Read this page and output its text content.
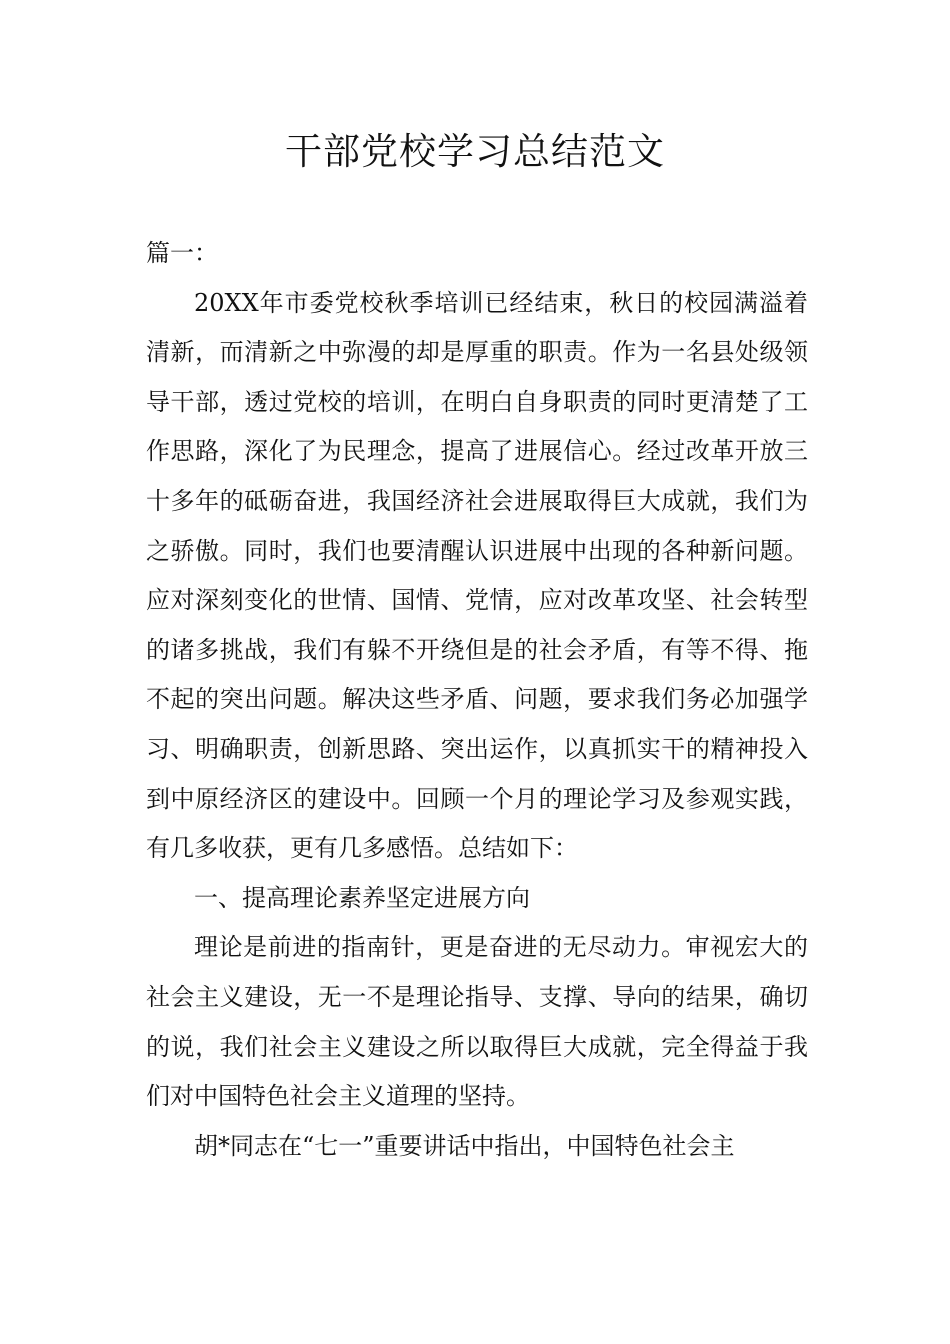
干部党校学习总结范文

篇一：

20XX年市委党校秋季培训已经结束，秋日的校园满溢着清新，而清新之中弥漫的却是厚重的职责。作为一名县处级领导干部，透过党校的培训，在明白自身职责的同时更清楚了工作思路，深化了为民理念，提高了进展信心。经过改革开放三十多年的砥砺奋进，我国经济社会进展取得巨大成就，我们为之骄傲。同时，我们也要清醒认识进展中出现的各种新问题。应对深刻变化的世情、国情、党情，应对改革攻坚、社会转型的诸多挑战，我们有躲不开绕但是的社会矛盾，有等不得、拖不起的突出问题。解决这些矛盾、问题，要求我们务必加强学习、明确职责，创新思路、突出运作，以真抓实干的精神投入到中原经济区的建设中。回顾一个月的理论学习及参观实践，有几多收获，更有几多感悟。总结如下：

一、提高理论素养坚定进展方向

理论是前进的指南针，更是奋进的无尽动力。审视宏大的社会主义建设，无一不是理论指导、支撑、导向的结果，确切的说，我们社会主义建设之所以取得巨大成就，完全得益于我们对中国特色社会主义道理的坚持。

胡*同志在“七一”重要讲话中指出，中国特色社会主
